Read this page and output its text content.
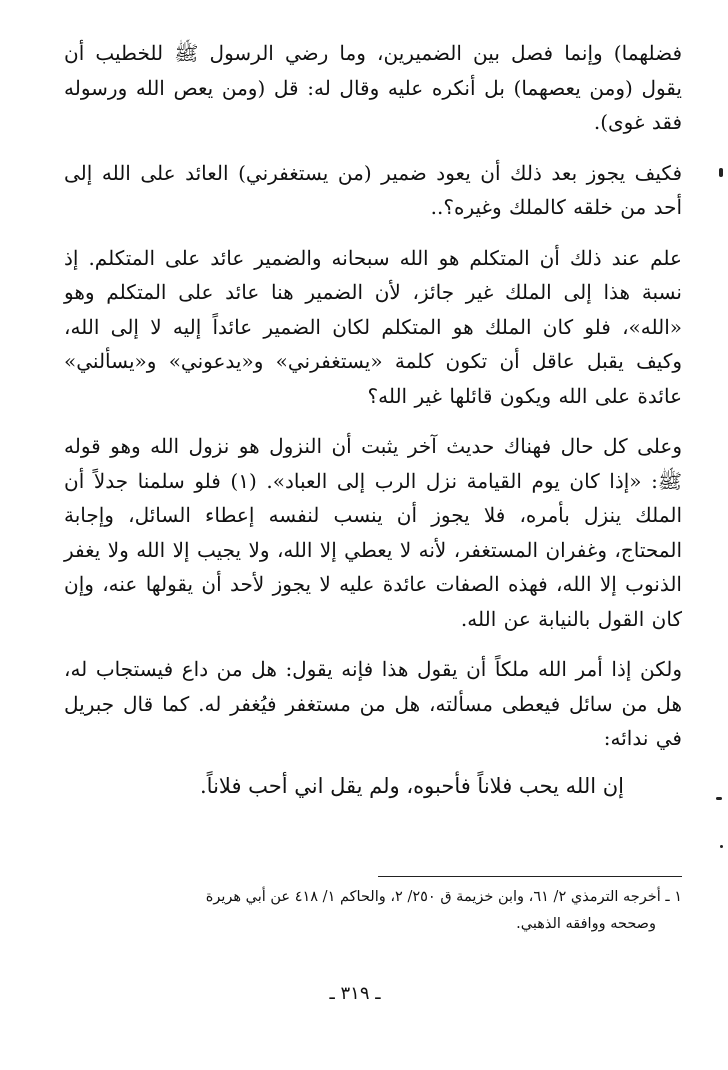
فضلهما) وإنما فصل بين الضميرين، وما رضي الرسول ﷺ للخطيب أن يقول (ومن يعصهما) بل أنكره عليه وقال له: قل (ومن يعص الله ورسوله فقد غوى).

فكيف يجوز بعد ذلك أن يعود ضمير (من يستغفرني) العائد على الله إلى أحد من خلقه كالملك وغيره؟..

علم عند ذلك أن المتكلم هو الله سبحانه والضمير عائد على المتكلم. إذ نسبة هذا إلى الملك غير جائز، لأن الضمير هنا عائد على المتكلم وهو «الله»، فلو كان الملك هو المتكلم لكان الضمير عائداً إليه لا إلى الله، وكيف يقبل عاقل أن تكون كلمة «يستغفرني» و«يدعوني» و«يسألني» عائدة على الله ويكون قائلها غير الله؟

وعلى كل حال فهناك حديث آخر يثبت أن النزول هو نزول الله وهو قوله ﷺ: «إذا كان يوم القيامة نزل الرب إلى العباد». (١) فلو سلمنا جدلاً أن الملك ينزل بأمره، فلا يجوز أن ينسب لنفسه إعطاء السائل، وإجابة المحتاج، وغفران المستغفر، لأنه لا يعطي إلا الله، ولا يجيب إلا الله ولا يغفر الذنوب إلا الله، فهذه الصفات عائدة عليه لا يجوز لأحد أن يقولها عنه، وإن كان القول بالنيابة عن الله.

ولكن إذا أمر الله ملكاً أن يقول هذا فإنه يقول: هل من داع فيستجاب له، هل من سائل فيعطى مسألته، هل من مستغفر فيُغفر له. كما قال جبريل في ندائه:

إن الله يحب فلاناً فأحبوه، ولم يقل اني أحب فلاناً.

١ ـ أخرجه الترمذي ٢/ ٦١، وابن خزيمة ق ٢٥٠/ ٢، والحاكم ١/ ٤١٨ عن أبي هريرة
وصححه ووافقه الذهبي.

ـ ٣١٩ ـ
